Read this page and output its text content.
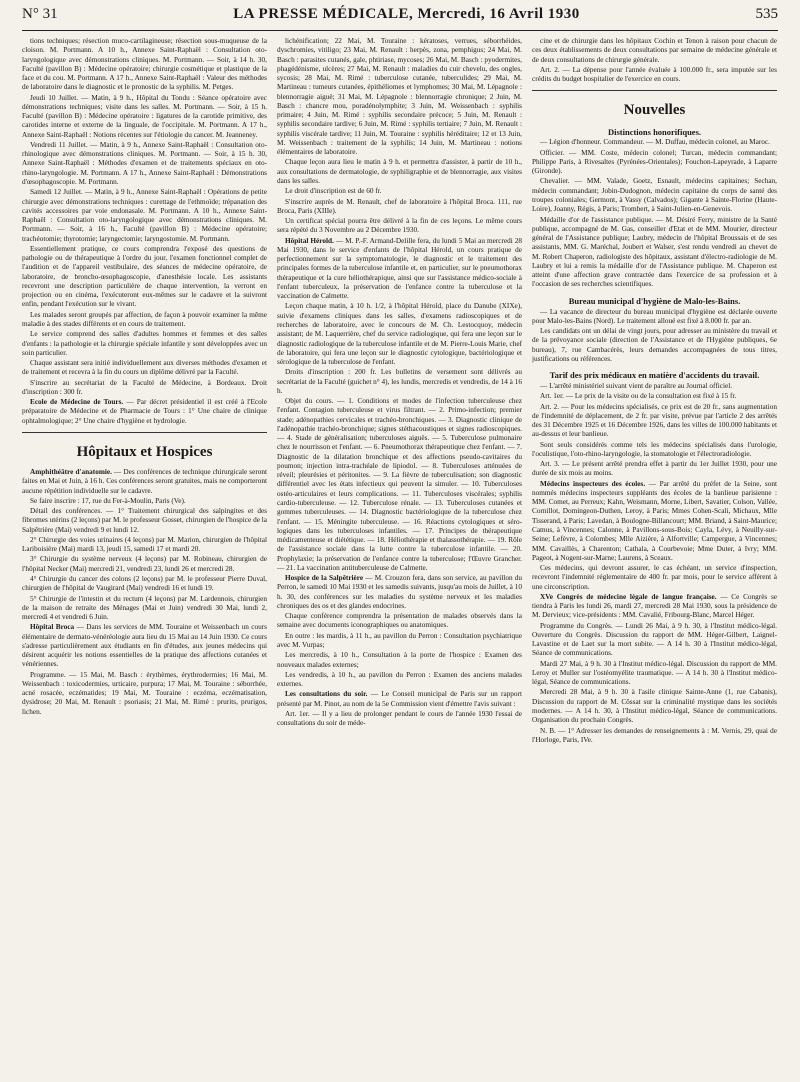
N° 31	LA PRESSE MÉDICALE, Mercredi, 16 Avril 1930	535

tions techniques; résection muco-cartilagineuse; résection sous-muqueuse de la cloison. M. Portmann. A 10 h., Annexe Saint-Raphaël : Consultation oto-laryngologique avec démonstrations cliniques. M. Portmann. — Soir, à 14 h. 30, Faculté (pavillon B) : Médecine opératoire; chirurgie cosmétique et plastique de la face et du cou. M. Portmann. A 17 h., Annexe Saint-Raphaël : Valeur des méthodes de laboratoire dans le diagnostic et le pronostic de la syphilis. M. Petges.

Jeudi 10 Juillet. — Matin, à 9 h., Hôpital du Tondu : Séance opératoire avec démonstrations techniques; visite dans les salles. M. Portmann. — Soir, à 15 h. Faculté (pavillon B) : Médecine opératoire : ligatures de la carotide primitive, des carotides interne et externe de la linguale, de l'occipitale. M. Portmann. A 17 h., Annexe Saint-Raphaël : Notions récentes sur l'étiologie du cancer. M. Jeanneney.

Vendredi 11 Juillet. — Matin, à 9 h., Annexe Saint-Raphaël : Consultation oto-rhinologique avec démonstrations cliniques. M. Portmann. — Soir, à 15 h. 30, Annexe Saint-Raphaël : Méthodes d'examen et de traitements spéciaux en oto-rhino-laryngologie. M. Portmann. A 17 h., Annexe Saint-Raphaël : Démonstrations d'œsophagoscopie. M. Portmann.

Samedi 12 Juillet. — Matin, à 9 h., Annexe Saint-Raphaël : Opérations de petite chirurgie avec démonstrations techniques : curettage de l'ethmoïde; trépanation des cavités accessoires par voie endonasale. M. Portmann. A 10 h., Annexe Saint-Raphaël : Consultation oto-laryngologique avec démonstrations cliniques. M. Portmann. — Soir, à 16 h., Faculté (pavillon B) : Médecine opératoire; trachéotomie; thyrotomie; laryngectomie; laryngostomie. M. Portmann.

Essentiellement pratique, ce cours comprendra l'exposé des questions de pathologie ou de thérapeutique à l'ordre du jour, l'examen fonctionnel complet de l'audition et de l'appareil vestibulaire, des séances de médecine opératoire, de laboratoire, de broncho-œsophagoscopie, d'anesthésie locale. Les assistants recevront une description particulière de chaque intervention, la verront en projection ou en cinéma, l'exécuteront eux-mêmes sur le cadavre et la suivront enfin, pendant l'exécution sur le vivant.

Les malades seront groupés par affection, de façon à pouvoir examiner la même maladie à des stades différents et en cours de traitement.

Le service comprend des salles d'adultes hommes et femmes et des salles d'enfants : la pathologie et la chirurgie spéciale infantile y sont développées avec un soin particulier.

Chaque assistant sera initié individuellement aux diverses méthodes d'examen et de traitement et recevra à la fin du cours un diplôme délivré par la Faculté.

S'inscrire au secrétariat de la Faculté de Médecine, à Bordeaux. Droit d'inscription : 300 fr.

Ecole de Médecine de Tours. — Par décret présidentiel il est créé à l'Ecole préparatoire de Médecine et de Pharmacie de Tours : 1° Une chaire de clinique ophtalmologique; 2° Une chaire d'hygiène et hydrologie.

Hôpitaux et Hospices

Amphithéâtre d'anatomie. — Des conférences de technique chirurgicale seront faites en Mai et Juin, à 16 h. Ces conférences seront gratuites, mais ne comporteront aucune répétition individuelle sur le cadavre.

Se faire inscrire : 17, rue du Fer-à-Moulin, Paris (Ve).

Détail des conférences. — 1° Traitement chirurgical des salpingites et des fibromes utérins (2 leçons) par M. le professeur Gosset, chirurgien de l'hospice de la Salpêtrière (Mai) vendredi 9 et lundi 12.

2° Chirurgie des voies urinaires (4 leçons) par M. Marion, chirurgien de l'hôpital Lariboisière (Mai) mardi 13, jeudi 15, samedi 17 et mardi 20.

3° Chirurgie du système nerveux (4 leçons) par M. Robineau, chirurgien de l'hôpital Necker (Mai) mercredi 21, vendredi 23, lundi 26 et mercredi 28.

4° Chirurgie du cancer des colons (2 leçons) par M. le professeur Pierre Duval, chirurgien de l'hôpital de Vaugirard (Mai) vendredi 16 et lundi 19.

5° Chirurgie de l'intestin et du rectum (4 leçons) par M. Lardennois, chirurgien de la maison de retraite des Ménages (Mai et Juin) vendredi 30 Mai, lundi 2, mercredi 4 et vendredi 6 Juin.

Hôpital Broca — Dans les services de MM. Touraine et Weissenbach un cours élémentaire de dermato-vénéréologie aura lieu du 15 Mai au 14 Juin 1930. Ce cours s'adresse particulièrement aux étudiants en fin d'études, aux jeunes médecins qui désirent acquérir les notions essentielles de la pratique des affections cutanées et vénériennes.

Programme. — 15 Mai, M. Basch : érythèmes, érythrodermies; 16 Mai, M. Weissenbach : toxicodermies, urticaire, purpura; 17 Mai, M. Touraine : séborrhée, acné rosacée, eczématides; 19 Mai, M. Touraine : eczéma, eczématisation, dysidrose; 20 Mai, M. Renault : psoriasis; 21 Mai, M. Rimé : prurits, prurigos, lichen.

lichénification; 22 Mai, M. Touraine : kératoses, verrues, séborrhéides, dyschromies, vitiligo; 23 Mai, M. Renault : herpès, zona, pemphigus; 24 Mai, M. Basch : parasites cutanés, gale, phtiriase, mycoses; 26 Mai, M. Basch : pyodermites, phagédénisme, ulcères; 27 Mai, M. Renault : maladies du cuir chevelu, des ongles, sycosis; 28 Mai, M. Rimé : tuberculose cutanée, tuberculides; 29 Mai, M. Martineau : tumeurs cutanées, épithéliomes et lymphomes; 30 Mai, M. Lépagnole : blennorragie aiguë; 31 Mai, M. Lépagnole : blennorragie chronique; 2 Juin, M. Basch : chancre mou, poradénolymphite; 3 Juin, M. Weissenbach : syphilis primaire; 4 Juin, M. Rimé : syphilis secondaire précoce; 5 Juin, M. Renault : syphilis secondaire tardive; 6 Juin, M. Rimé : syphilis tertiaire; 7 Juin, M. Renault : syphilis viscérale tardive; 11 Juin, M. Touraine : syphilis héréditaire; 12 et 13 Juin, M. Weissenbach : traitement de la syphilis; 14 Juin, M. Martineau : notions élémentaires de laboratoire.

Chaque leçon aura lieu le matin à 9 h. et permettra d'assister, à partir de 10 h., aux consultations de dermatologie, de syphiligraphie et de blennorragie, aux visites dans les salles.

Le droit d'inscription est de 60 fr.

S'inscrire auprès de M. Renault, chef de laboratoire à l'hôpital Broca. 111, rue Broca, Paris (XIIIe).

Un certificat spécial pourra être délivré à la fin de ces leçons. Le même cours sera répété du 3 Novembre au 2 Décembre 1930.

Hôpital Hérold. — M. P.-F. Armand-Delille fera, du lundi 5 Mai au mercredi 28 Mai 1930, dans le service d'enfants de l'hôpital Hérold, un cours pratique de perfectionnement sur la symptomatologie, le diagnostic et le traitement des principales formes de la tuberculose infantile et, en particulier, sur le pneumothorax thérapeutique et la cure héliothérapique, ainsi que sur l'assistance médico-sociale à l'enfant tuberculeux, la préservation de l'enfance contre la tuberculose et la vaccination de Calmette.

Leçon chaque matin, à 10 h. 1/2, à l'hôpital Hérold, place du Danube (XIXe), suivie d'examens cliniques dans les salles, d'examens radioscopiques et de recherches de laboratoire, avec le concours de M. Ch. Lestocquoy, médecin assistant; de M. Laquerrière, chef du service radiologique, qui fera une leçon sur le diagnostic radiologique de la tuberculose infantile et de M. Pierre-Louis Marie, chef de laboratoire, qui fera une leçon sur le diagnostic cytologique, bactériologique et sérologique de la tuberculose de l'enfant.

Droits d'inscription : 200 fr. Les bulletins de versement sont délivrés au secrétariat de la Faculté (guichet n° 4), les lundis, mercredis et vendredis, de 14 à 16 h.

Objet du cours. — 1. Conditions et modes de l'infection tuberculeuse chez l'enfant. Contagion tuberculeuse et virus filtrant. — 2. Primo-infection; premier stade; adénopathies cervicales et trachéo-bronchiques. — 3. Diagnostic clinique de l'adénopathie trachéo-bronchique; signes stéthacoustiques et signes radioscopiques. — 4. Stade de généralisation; tuberculoses aiguës. — 5. Tuberculose pulmonaire chez le nourrisson et l'enfant. — 6. Pneumothorax thérapeutique chez l'enfant. — 7. Diagnostic de la dilatation bronchique et des affections pseudo-cavitaires du poumon; injection intra-trachéale de lipiodol. — 8. Tuberculoses atténuées de réveil; pleurésies et péritonites. — 9. La fièvre de tuberculisation; son diagnostic différentiel avec les états infectieux qui peuvent la simuler. — 10. Tuberculoses ostéo-articulaires et leurs complications. — 11. Tuberculoses viscérales; syphilis cardio-tuberculeuse. — 12. Tuberculose rénale. — 13. Tuberculoses cutanées et gommes tuberculeuses. — 14. Diagnostic bactériologique de la tuberculose chez l'enfant. — 15. Méningite tuberculeuse. — 16. Réactions cytologiques et séro-logiques dans les tuberculoses infantiles. — 17. Principes de thérapeutique médicamenteuse et diététique. — 18. Héliothérapie et thalassothérapie. — 19. Rôle de l'assistance sociale dans la lutte contre la tuberculose infantile. — 20. Prophylaxie; la préservation de l'enfance contre la tuberculose; l'Œuvre Grancher. — 21. La vaccination antituberculeuse de Calmette.

Hospice de la Salpêtrière — M. Crouzon fera, dans son service, au pavillon du Perron, le samedi 10 Mai 1930 et les samedis suivants, jusqu'au mois de Juillet, à 10 h. 30, des conférences sur les maladies du système nerveux et les maladies chroniques des os et des glandes endocrines.

Chaque conférence comprendra la présentation de malades observés dans la semaine avec documents iconographiques ou anatomiques.

En outre : les mardis, à 11 h., au pavillon du Perron : Consultation psychiatrique avec M. Vurpas;

Les mercredis, à 10 h., Consultation à la porte de l'hospice : Examen des nouveaux malades externes;

Les vendredis, à 10 h., au pavillon du Perron : Examen des anciens malades externes.

Les consultations du soir. — Le Conseil municipal de Paris sur un rapport présenté par M. Pinot, au nom de la 5e Commission vient d'émettre l'avis suivant :

Art. 1er. — Il y a lieu de prolonger pendant le cours de l'année 1930 l'essai de consultations du soir de méde-

cine et de chirurgie dans les hôpitaux Cochin et Tenon à raison pour chacun de ces deux établissements de deux consultations par semaine de médecine générale et de deux consultations de chirurgie générale.

Art. 2. — La dépense pour l'année évaluée à 100.000 fr., sera imputée sur les crédits du budget hospitalier de l'exercice en cours.

Nouvelles
Distinctions honorifiques.

— Légion d'honneur. Commandeur. — M. Duffau, médecin colonel, au Maroc.

Officier. — MM. Coste, médecin colonel; Turcan, médecin commandant; Philippe Paris, à Rivesaltes (Pyrénées-Orientales); Fouchon-Lapeyrade, à Laparre (Gironde).

Chevalier. — MM. Valade, Goetz, Esnault, médecins capitaines; Sechan, médecin commandant; Jobin-Dudognon, médecin capitaine du corps de santé des troupes coloniales; Germont, à Vassy (Calvados); Gigante à Sainte-Florine (Haute-Loire), Joanny, Régis, à Paris; Trombert, à Saint-Julien-en-Genevois.

Médaille d'or de l'assistance publique. — M. Désiré Ferry, ministre de la Santé publique, accompagné de M. Gas, conseiller d'Etat et de MM. Mourier, directeur général de l'Assistance publique; Laubry, médecin de l'hôpital Broussais et de ses assistants, MM. G. Maréchal, Joubert et Walser, s'est rendu vendredi au chevet de M. Robert Chaperon, radiologiste des hôpitaux, assistant d'électro-radiologie de M. Laubry et lui a remis la médaille d'or de l'Assistance publique. M. Chaperon est atteint d'une affection grave contractée dans l'exercice de sa profession et à l'occasion de ses recherches scientifiques.

Bureau municipal d'hygiène de Malo-les-Bains.

— La vacance de directeur du bureau municipal d'hygiène est déclarée ouverte pour Malo-les-Bains (Nord). Le traitement alloué est fixé à 8.000 fr. par an.

Les candidats ont un délai de vingt jours, pour adresser au ministère du travail et de la prévoyance sociale (direction de l'Assistance et de l'Hygiène publiques, 6e bureau), 7, rue Cambacérès, leurs demandes accompagnées de tous titres, justifications ou références.

Tarif des prix médicaux en matière d'accidents du travail.

— L'arrêté ministériel suivant vient de paraître au Journal officiel.

Art. 1er. — Le prix de la visite ou de la consultation est fixé à 15 fr.

Art. 2. — Pour les médecins spécialisés, ce prix est de 20 fr., sans augmentation de l'indemnité de déplacement, de 2 fr. par visite, prévue par l'article 2 des arrêtés des 31 Décembre 1925 et 16 Décembre 1926, dans les villes de 100.000 habitants et au-dessus et leur banlieue.

Sont seuls considérés comme tels les médecins spécialisés dans l'urologie, l'oculistique, l'oto-rhino-laryngologie, la stomatologie et l'électroradiologie.

Art. 3. — Le présent arrêté prendra effet à partir du 1er Juillet 1930, pour une durée de six mois au moins.

Médecins inspecteurs des écoles. — Par arrêté du préfet de la Seine, sont nommés médecins inspecteurs suppléants des écoles de la banlieue parisienne : MM. Comet, au Perreux; Kahn, Weismann, Morne, Libert, Savatier, Colson, Vallée, Cornillot, Domingeon-Duthen, Leroy, à Paris; Mmes Cohen-Scali, Michaux, Mlle Tisserand, à Paris; Lavedan, à Boulogne-Billancourt; MM. Briand, à Saint-Maurice; Camus, à Vincennes; Calonne, à Pavillons-sous-Bois; Cayla, Lévy, à Neuilly-sur-Seine; Lefèvre, à Colombes; Mlle Aizière, à Alfortville; Campergue, à Vincennes; MM. Cavaillès, à Charenton; Cathala, à Courbevoie; Mme Duter, à Ivry; MM. Pageot, à Nogent-sur-Marne; Laurens, à Sceaux.

Ces médecins, qui devront assurer, le cas échéant, un service d'inspection, recevront l'indemnité réglementaire de 400 fr. par mois, pour le service afférent à une circonscription.

XVe Congrès de médecine légale de langue française. — Ce Congrès se tiendra à Paris les lundi 26, mardi 27, mercredi 28 Mai 1930, sous la présidence de M. Dervieux; vice-présidents : MM. Cavalié, Fribourg-Blanc, Marcel Héger.

Programme du Congrès. — Lundi 26 Mai, à 9 h. 30, à l'Institut médico-légal. Ouverture du Congrès. Discussion du rapport de MM. Héger-Gilbert, Laignel-Lavastine et de Laet sur la mort subite. — A 14 h. 30 à l'Institut médico-légal, Séance de communications.

Mardi 27 Mai, à 9 h. 30 à l'Institut médico-légal. Discussion du rapport de MM. Leroy et Muller sur l'ostéomyélite traumatique. — A 14 h. 30 à l'Institut médico-légal, Séance de communications.

Mercredi 28 Mai, à 9 h. 30 à l'asile clinique Sainte-Anne (1, rue Cabanis), Discussion du rapport de M. Côssat sur la criminalité mystique dans les sociétés modernes. — A 14 h. 30, à l'Institut médico-légal, Séance de communications. Organisation du prochain Congrès.

N. B. — 1° Adresser les demandes de renseignements à : M. Vernis, 29, quai de l'Horloge, Paris, IVe.
